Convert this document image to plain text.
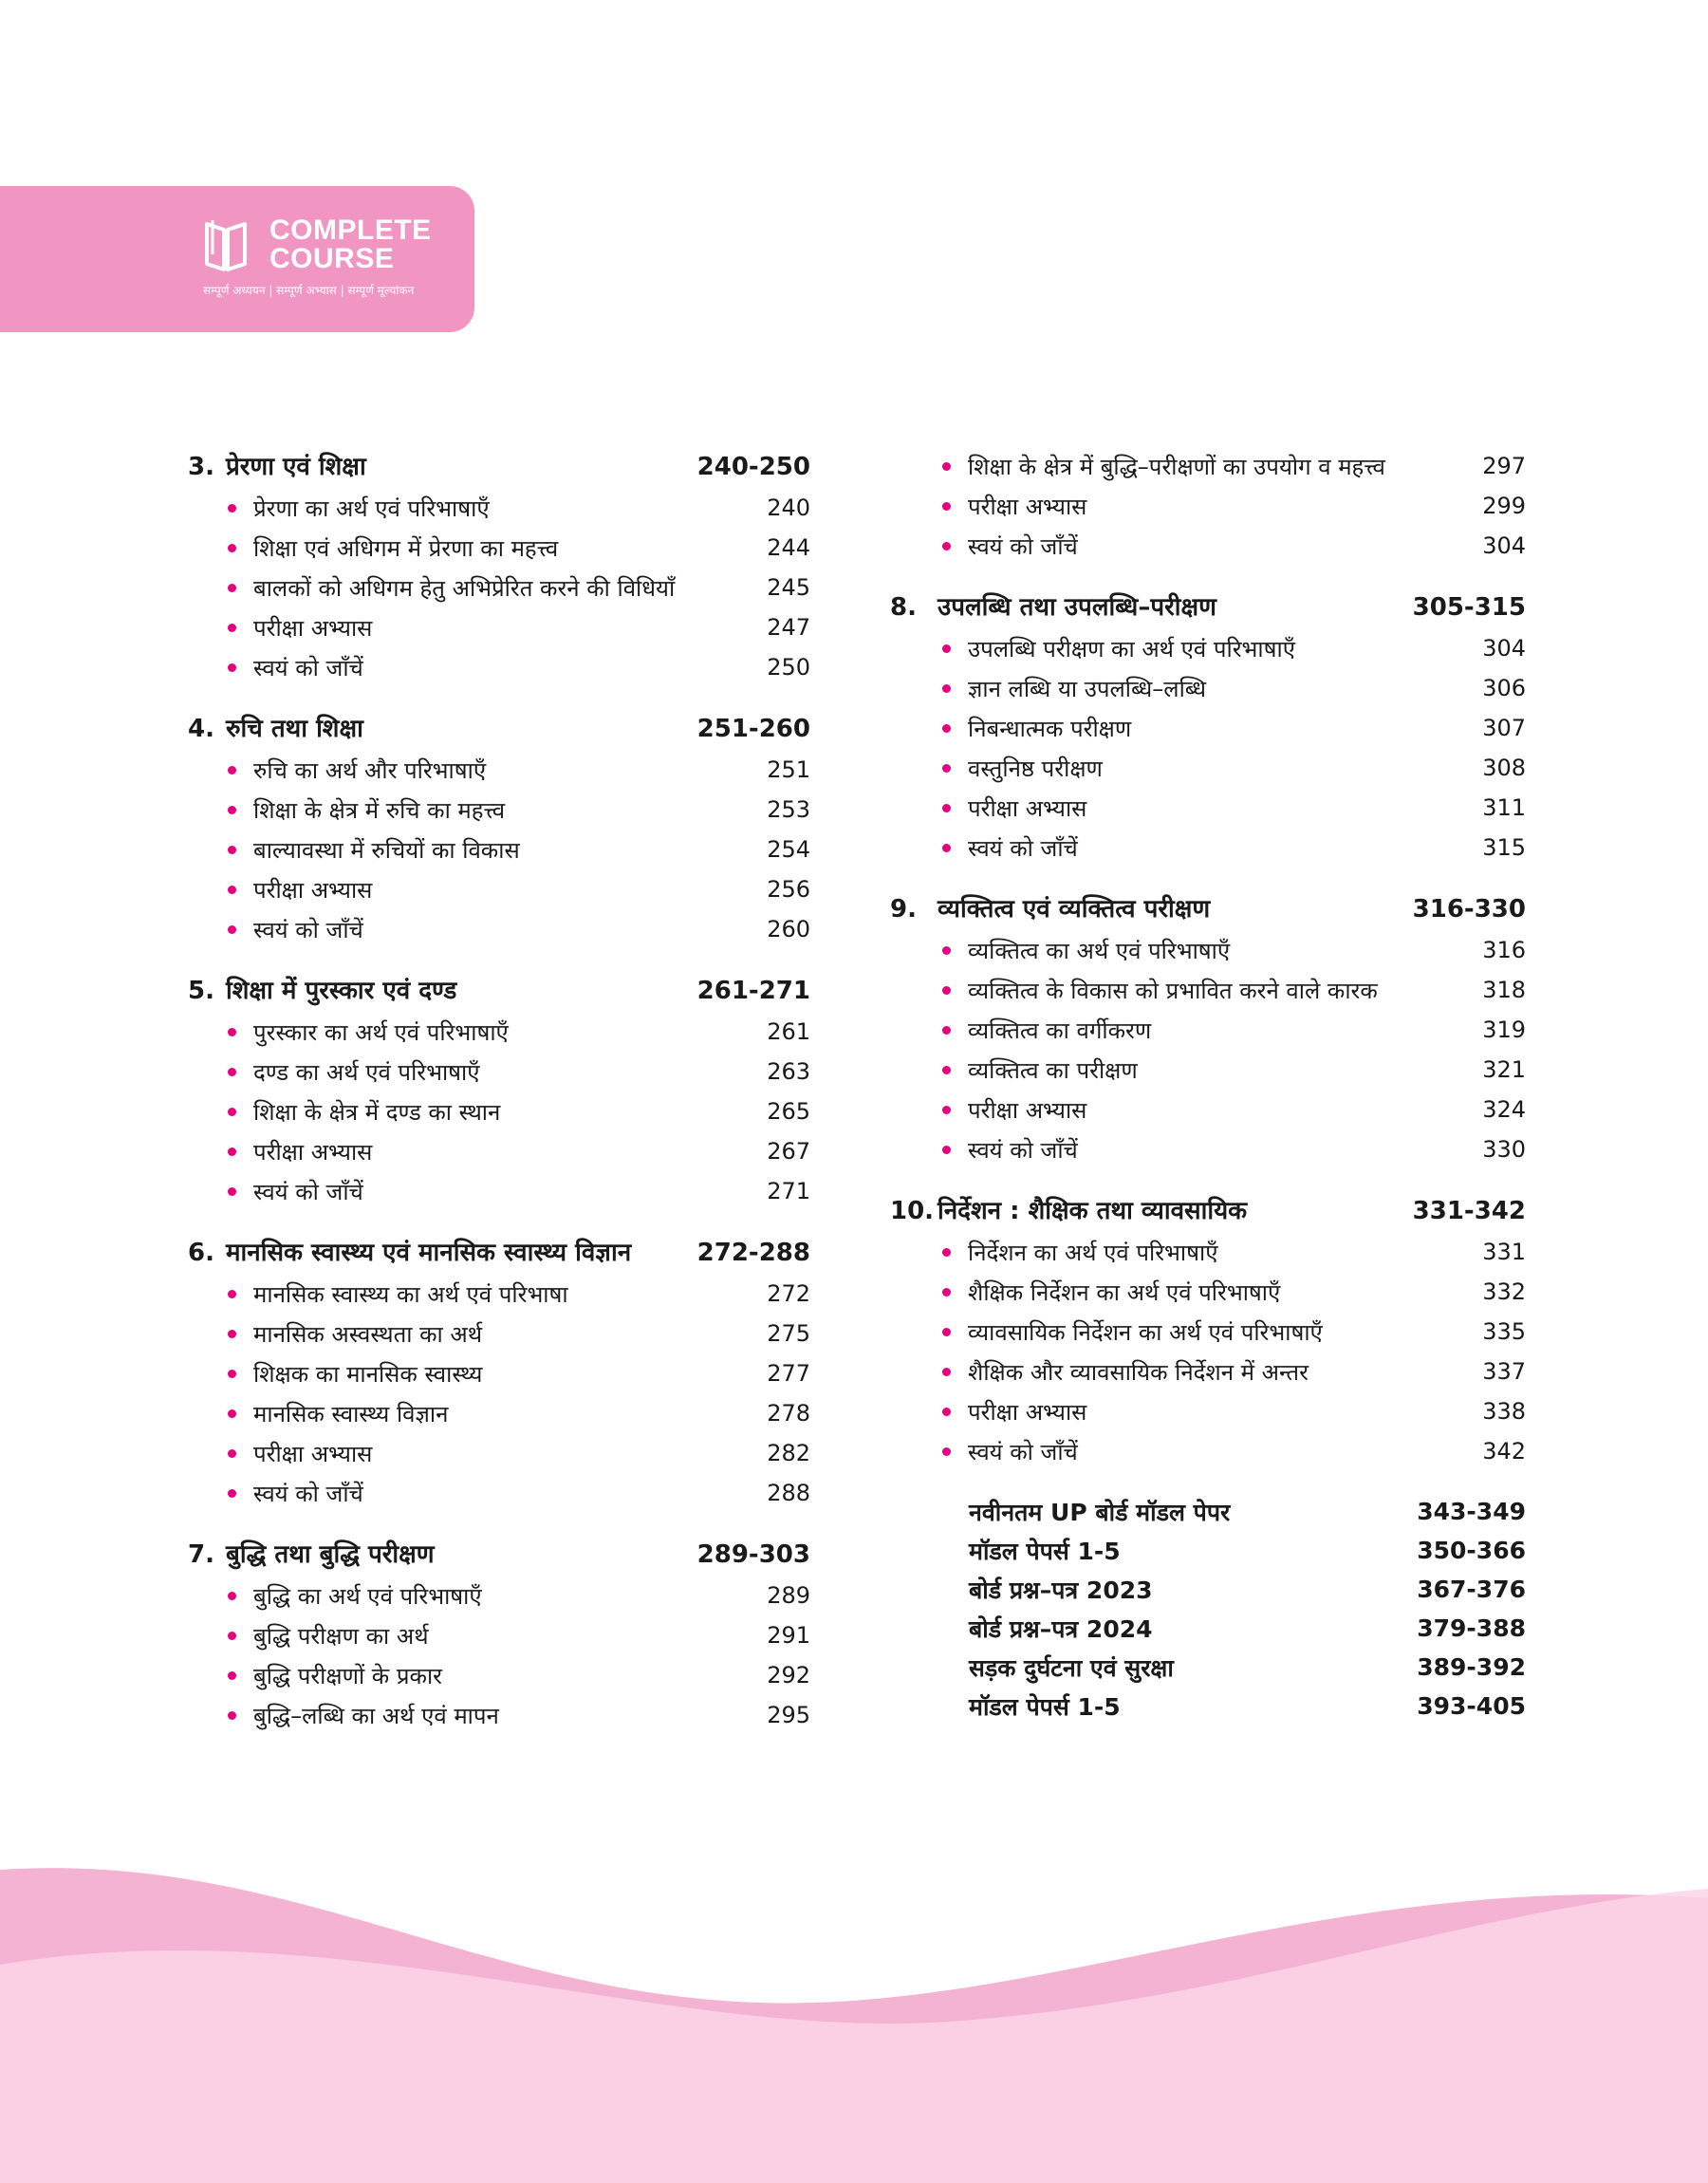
COMPLETE
COURSE
सम्पूर्ण अध्ययन | सम्पूर्ण अभ्यास | सम्पूर्ण मूल्यांकन
3. प्रेरणा एवं शिक्षा	240-250
प्रेरणा का अर्थ एवं परिभाषाएँ	240
शिक्षा एवं अधिगम में प्रेरणा का महत्त्व	244
बालकों को अधिगम हेतु अभिप्रेरित करने की विधियाँ	245
परीक्षा अभ्यास	247
स्वयं को जाँचें	250
4. रुचि तथा शिक्षा	251-260
रुचि का अर्थ और परिभाषाएँ	251
शिक्षा के क्षेत्र में रुचि का महत्त्व	253
बाल्यावस्था में रुचियों का विकास	254
परीक्षा अभ्यास	256
स्वयं को जाँचें	260
5. शिक्षा में पुरस्कार एवं दण्ड	261-271
पुरस्कार का अर्थ एवं परिभाषाएँ	261
दण्ड का अर्थ एवं परिभाषाएँ	263
शिक्षा के क्षेत्र में दण्ड का स्थान	265
परीक्षा अभ्यास	267
स्वयं को जाँचें	271
6. मानसिक स्वास्थ्य एवं मानसिक स्वास्थ्य विज्ञान	272-288
मानसिक स्वास्थ्य का अर्थ एवं परिभाषा	272
मानसिक अस्वस्थता का अर्थ	275
शिक्षक का मानसिक स्वास्थ्य	277
मानसिक स्वास्थ्य विज्ञान	278
परीक्षा अभ्यास	282
स्वयं को जाँचें	288
7. बुद्धि तथा बुद्धि परीक्षण	289-303
बुद्धि का अर्थ एवं परिभाषाएँ	289
बुद्धि परीक्षण का अर्थ	291
बुद्धि परीक्षणों के प्रकार	292
बुद्धि–लब्धि का अर्थ एवं मापन	295
शिक्षा के क्षेत्र में बुद्धि–परीक्षणों का उपयोग व महत्त्व	297
परीक्षा अभ्यास	299
स्वयं को जाँचें	304
8. उपलब्धि तथा उपलब्धि–परीक्षण	305-315
उपलब्धि परीक्षण का अर्थ एवं परिभाषाएँ	304
ज्ञान लब्धि या उपलब्धि–लब्धि	306
निबन्धात्मक परीक्षण	307
वस्तुनिष्ठ परीक्षण	308
परीक्षा अभ्यास	311
स्वयं को जाँचें	315
9. व्यक्तित्व एवं व्यक्तित्व परीक्षण	316-330
व्यक्तित्व का अर्थ एवं परिभाषाएँ	316
व्यक्तित्व के विकास को प्रभावित करने वाले कारक	318
व्यक्तित्व का वर्गीकरण	319
व्यक्तित्व का परीक्षण	321
परीक्षा अभ्यास	324
स्वयं को जाँचें	330
10. निर्देशन : शैक्षिक तथा व्यावसायिक	331-342
निर्देशन का अर्थ एवं परिभाषाएँ	331
शैक्षिक निर्देशन का अर्थ एवं परिभाषाएँ	332
व्यावसायिक निर्देशन का अर्थ एवं परिभाषाएँ	335
शैक्षिक और व्यावसायिक निर्देशन में अन्तर	337
परीक्षा अभ्यास	338
स्वयं को जाँचें	342
नवीनतम UP बोर्ड मॉडल पेपर	343-349
मॉडल पेपर्स 1-5	350-366
बोर्ड प्रश्न–पत्र 2023	367-376
बोर्ड प्रश्न–पत्र 2024	379-388
सड़क दुर्घटना एवं सुरक्षा	389-392
मॉडल पेपर्स 1-5	393-405
